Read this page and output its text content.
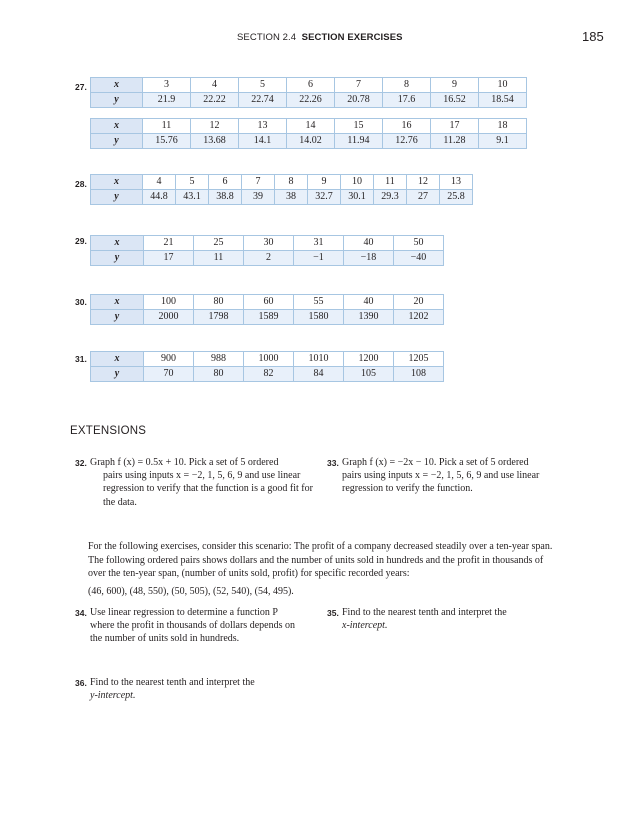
SECTION 2.4 SECTION EXERCISES	185
27.	x	3	4	5	6	7	8	9	10
y	21.9	22.22	22.74	22.26	20.78	17.6	16.52	18.54
x	11	12	13	14	15	16	17	18
y	15.76	13.68	14.1	14.02	11.94	12.76	11.28	9.1
28.	x	4	5	6	7	8	9	10	11	12	13
y	44.8	43.1	38.8	39	38	32.7	30.1	29.3	27	25.8
29.	x	21	25	30	31	40	50
y	17	11	2	−1	−18	−40
30.	x	100	80	60	55	40	20
y	2000	1798	1589	1580	1390	1202
31.	x	900	988	1000	1010	1200	1205
y	70	80	82	84	105	108
EXTENSIONS
32. Graph f (x) = 0.5x + 10. Pick a set of 5 ordered
pairs using inputs x = −2, 1, 5, 6, 9 and use linear
regression to verify that the function is a good fit for
the data.
33. Graph f (x) = −2x − 10. Pick a set of 5 ordered
pairs using inputs x = −2, 1, 5, 6, 9 and use linear
regression to verify the function.
For the following exercises, consider this scenario: The profit of a company decreased steadily over a ten-year span.
The following ordered pairs shows dollars and the number of units sold in hundreds and the profit in thousands of
over the ten-year span, (number of units sold, profit) for specific recorded years:
(46, 600), (48, 550), (50, 505), (52, 540), (54, 495).
34. Use linear regression to determine a function P
where the profit in thousands of dollars depends on
the number of units sold in hundreds.
35. Find to the nearest tenth and interpret the
x-intercept.
36. Find to the nearest tenth and interpret the
y-intercept.
